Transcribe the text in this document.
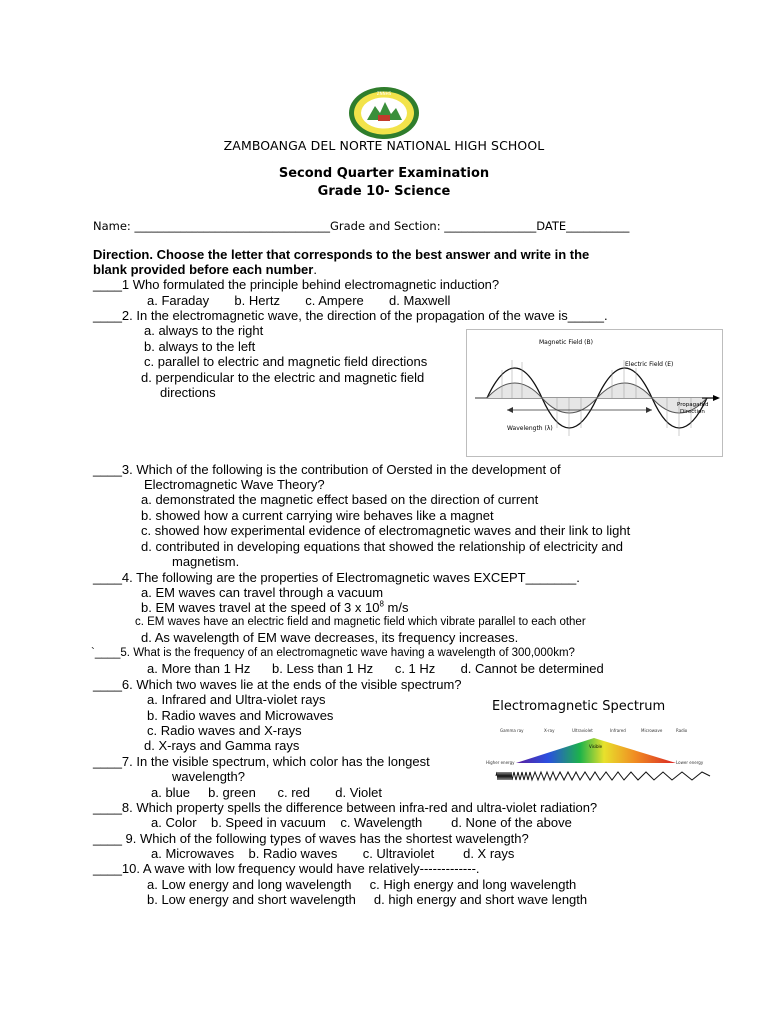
ZNNHS
ZAMBOANGA DEL NORTE NATIONAL HIGH SCHOOL
Second Quarter Examination
Grade 10- Science
Name: __________________________________Grade and Section: ________________DATE___________
Direction. Choose the letter that corresponds to the best answer and write in the
blank provided before each number.
____1 Who formulated the principle behind electromagnetic induction?
a. Faraday       b. Hertz       c. Ampere       d. Maxwell
____2. In the electromagnetic wave, the direction of the propagation of the wave is_____.
a. always to the right
b. always to the left
c. parallel to electric and magnetic field directions
d. perpendicular to the electric and magnetic field
directions
Magnetic Field (B)
Electric Field (E)
Propagated
Direction
Wavelength (λ)
____3. Which of the following is the contribution of Oersted in the development of
Electromagnetic Wave Theory?
a. demonstrated the magnetic effect based on the direction of current
b. showed how a current carrying wire behaves like a magnet
c. showed how experimental evidence of electromagnetic waves and their link to light
d. contributed in developing equations that showed the relationship of electricity and
magnetism.
____4. The following are the properties of Electromagnetic waves EXCEPT_______.
a. EM waves can travel through a vacuum
b. EM waves travel at the speed of 3 x $10^8$ m/s
c. EM waves have an electric field and magnetic field which vibrate parallel to each other
d. As wavelength of EM wave decreases, its frequency increases.
`____5. What is the frequency of an electromagnetic wave having a wavelength of 300,000km?
a. More than 1 Hz      b. Less than 1 Hz      c. 1 Hz       d. Cannot be determined
____6. Which two waves lie at the ends of the visible spectrum?
a. Infrared and Ultra-violet rays
b. Radio waves and Microwaves
c. Radio waves and X-rays
d. X-rays and Gamma rays
Electromagnetic Spectrum
Gamma ray	X-ray	Ultraviolet	Infrared	Microwave	Radio
Visible
Higher energy	Lower energy
____7. In the visible spectrum, which color has the longest
wavelength?
a. blue     b. green      c. red       d. Violet
____8. Which property spells the difference between infra-red and ultra-violet radiation?
a. Color    b. Speed in vacuum    c. Wavelength        d. None of the above
____ 9. Which of the following types of waves has the shortest wavelength?
a. Microwaves    b. Radio waves       c. Ultraviolet        d. X rays
____10. A wave with low frequency would have relatively-------------.
a. Low energy and long wavelength     c. High energy and long wavelength
b. Low energy and short wavelength     d. high energy and short wave length
